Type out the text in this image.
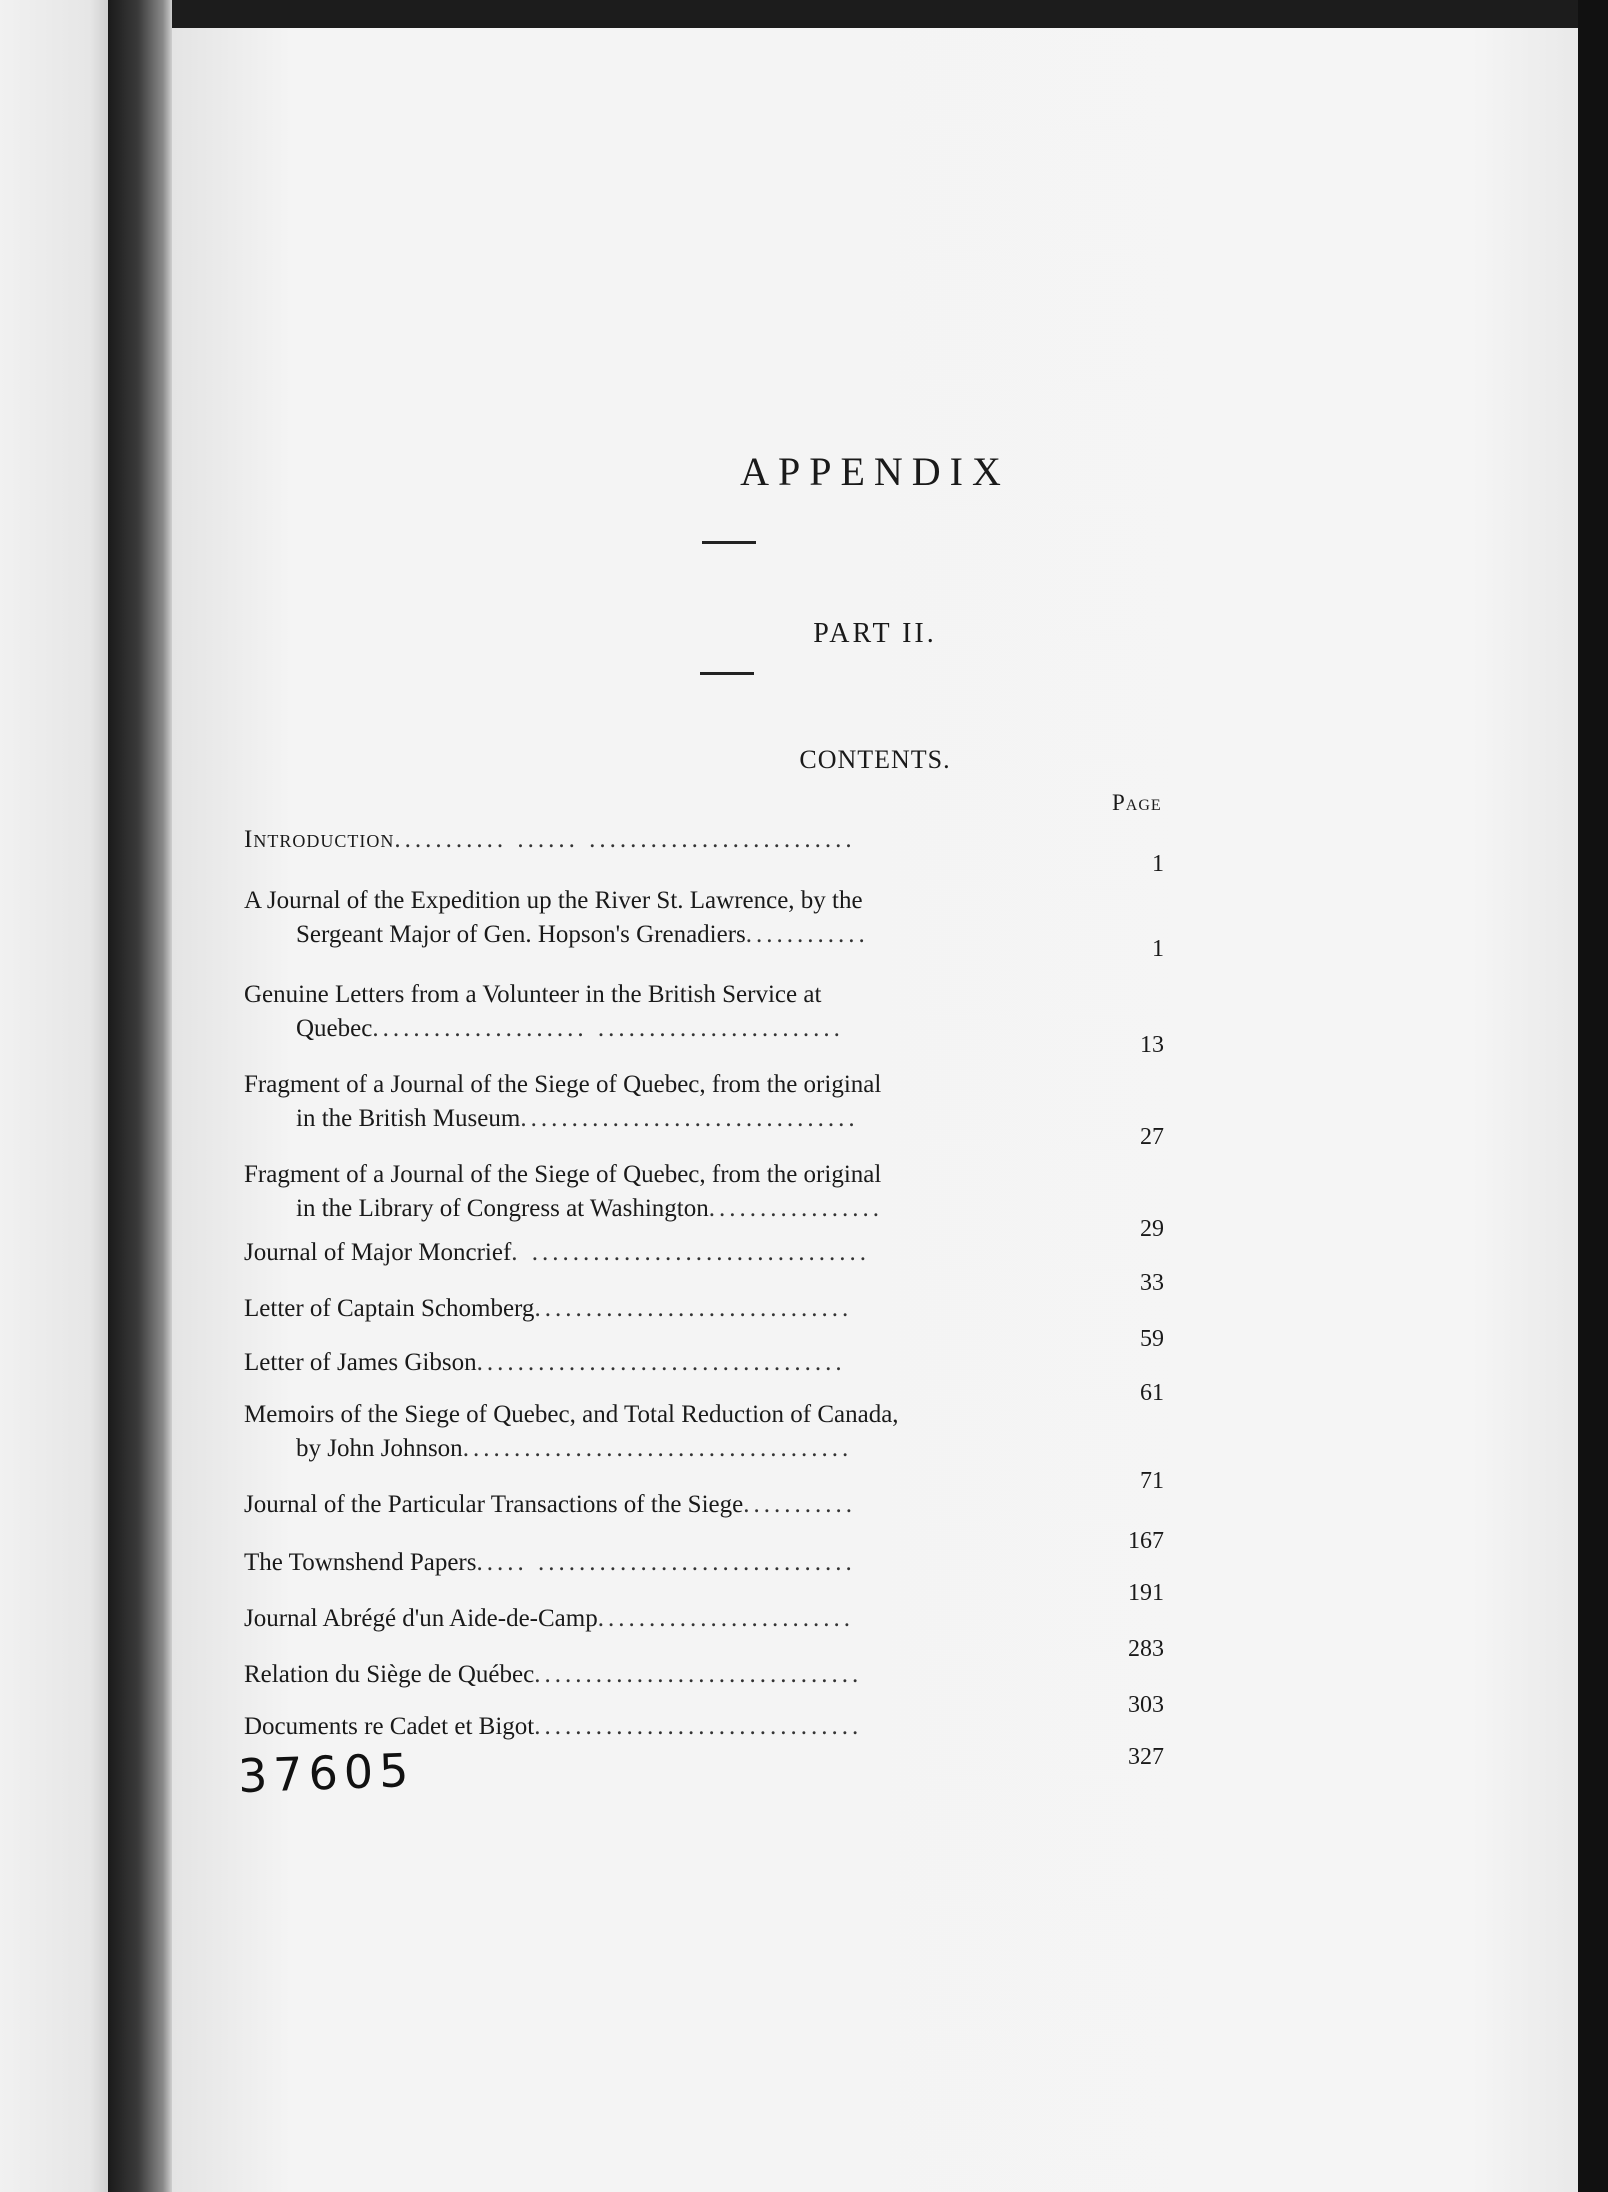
APPENDIX
PART II.
CONTENTS.
Page
Introduction........... ...... ..........................
1
A Journal of the Expedition up the River St. Lawrence, by the
Sergeant Major of Gen. Hopson's Grenadiers............
1
Genuine Letters from a Volunteer in the British Service at
Quebec..................... ........................
13
Fragment of a Journal of the Siege of Quebec, from the original
in the British Museum.................................
27
Fragment of a Journal of the Siege of Quebec, from the original
in the Library of Congress at Washington.................
29
Journal of Major Moncrief. .................................
33
Letter of Captain Schomberg...............................
59
Letter of James Gibson....................................
61
Memoirs of the Siege of Quebec, and Total Reduction of Canada,
by John Johnson......................................
71
Journal of the Particular Transactions of the Siege...........
167
The Townshend Papers..... ...............................
191
Journal Abrégé d'un Aide-de-Camp.........................
283
Relation du Siège de Québec................................
303
Documents re Cadet et Bigot................................
327
37605
